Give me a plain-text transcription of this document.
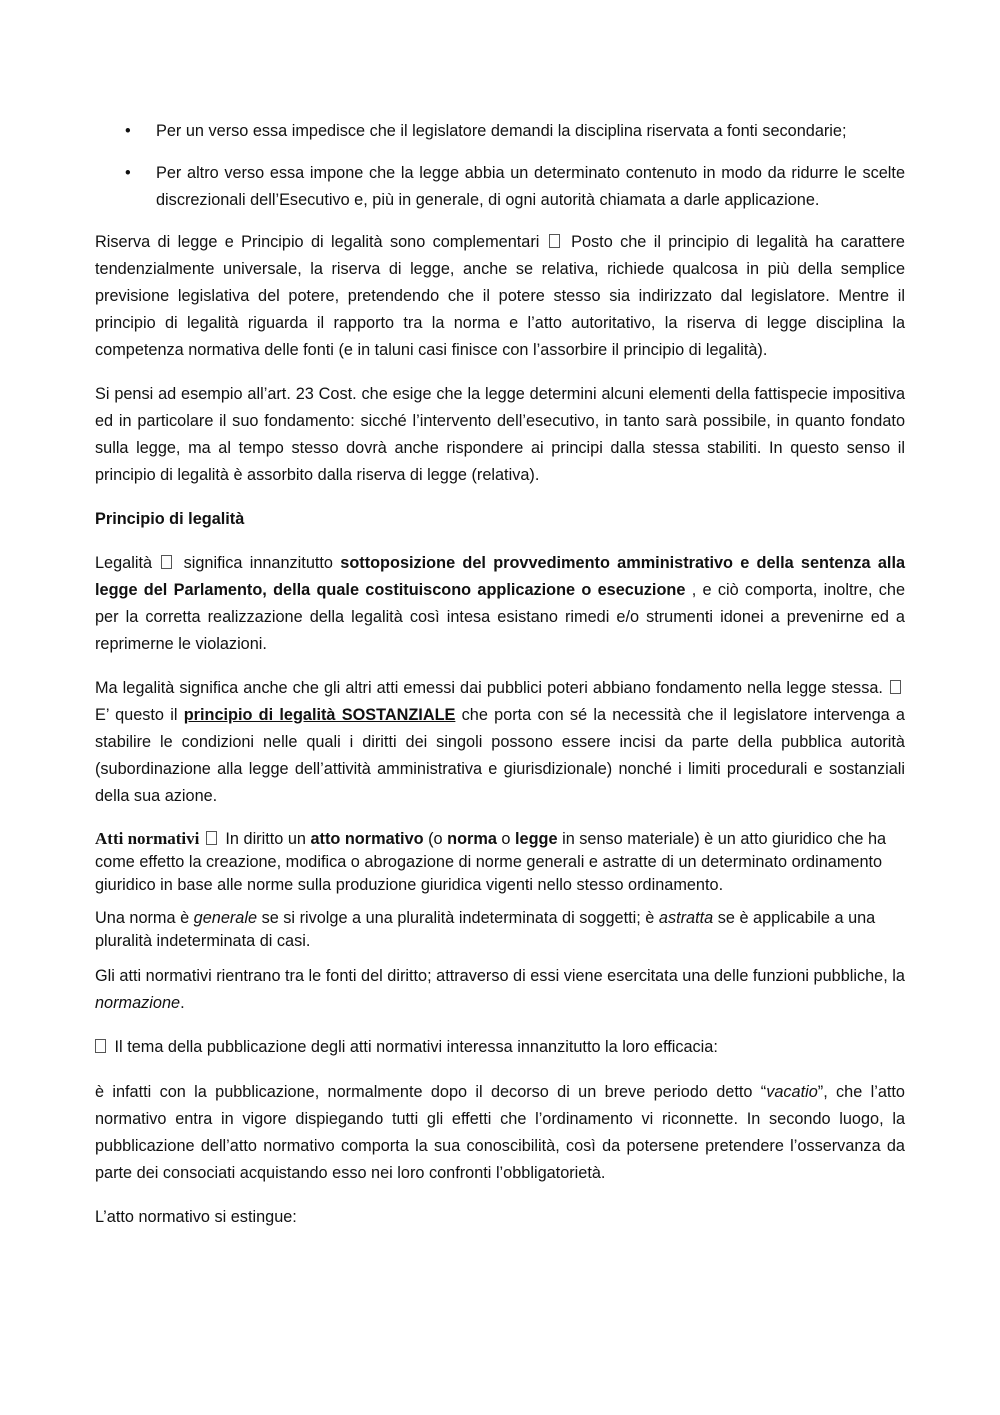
• Per un verso essa impedisce che il legislatore demandi la disciplina riservata a fonti secondarie;
• Per altro verso essa impone che la legge abbia un determinato contenuto in modo da ridurre le scelte discrezionali dell’Esecutivo e, più in generale, di ogni autorità chiamata a darle applicazione.

Riserva di legge e Principio di legalità sono complementari Posto che il principio di legalità ha carattere tendenzialmente universale, la riserva di legge, anche se relativa, richiede qualcosa in più della semplice previsione legislativa del potere, pretendendo che il potere stesso sia indirizzato dal legislatore. Mentre il principio di legalità riguarda il rapporto tra la norma e l’atto autoritativo, la riserva di legge disciplina la competenza normativa delle fonti (e in taluni casi finisce con l’assorbire il principio di legalità).

Si pensi ad esempio all’art. 23 Cost. che esige che la legge determini alcuni elementi della fattispecie impositiva ed in particolare il suo fondamento: sicché l’intervento dell’esecutivo, in tanto sarà possibile, in quanto fondato sulla legge, ma al tempo stesso dovrà anche rispondere ai principi dalla stessa stabiliti. In questo senso il principio di legalità è assorbito dalla riserva di legge (relativa).

Principio di legalità

Legalità significa innanzitutto sottoposizione del provvedimento amministrativo e della sentenza alla legge del Parlamento, della quale costituiscono applicazione o esecuzione , e ciò comporta, inoltre, che per la corretta realizzazione della legalità così intesa esistano rimedi e/o strumenti idonei a prevenirne ed a reprimerne le violazioni.

Ma legalità significa anche che gli altri atti emessi dai pubblici poteri abbiano fondamento nella legge stessa.  E’ questo il principio di legalità SOSTANZIALE che porta con sé la necessità che il legislatore intervenga a stabilire le condizioni nelle quali i diritti dei singoli possono essere incisi da parte della pubblica autorità (subordinazione alla legge dell’attività amministrativa e giurisdizionale) nonché i limiti procedurali e sostanziali della sua azione.

Atti normativi In diritto un atto normativo (o norma o legge in senso materiale) è un atto giuridico che ha come effetto la creazione, modifica o abrogazione di norme generali e astratte di un determinato ordinamento giuridico in base alle norme sulla produzione giuridica vigenti nello stesso ordinamento.

Una norma è generale se si rivolge a una pluralità indeterminata di soggetti; è astratta se è applicabile a una pluralità indeterminata di casi.

Gli atti normativi rientrano tra le fonti del diritto; attraverso di essi viene esercitata una delle funzioni pubbliche, la normazione.

Il tema della pubblicazione degli atti normativi interessa innanzitutto la loro efficacia:

è infatti con la pubblicazione, normalmente dopo il decorso di un breve periodo detto “vacatio”, che l’atto normativo entra in vigore dispiegando tutti gli effetti che l’ordinamento vi riconnette. In secondo luogo, la pubblicazione dell’atto normativo comporta la sua conoscibilità, così da potersene pretendere l’osservanza da parte dei consociati acquistando esso nei loro confronti l’obbligatorietà.

L’atto normativo si estingue:
